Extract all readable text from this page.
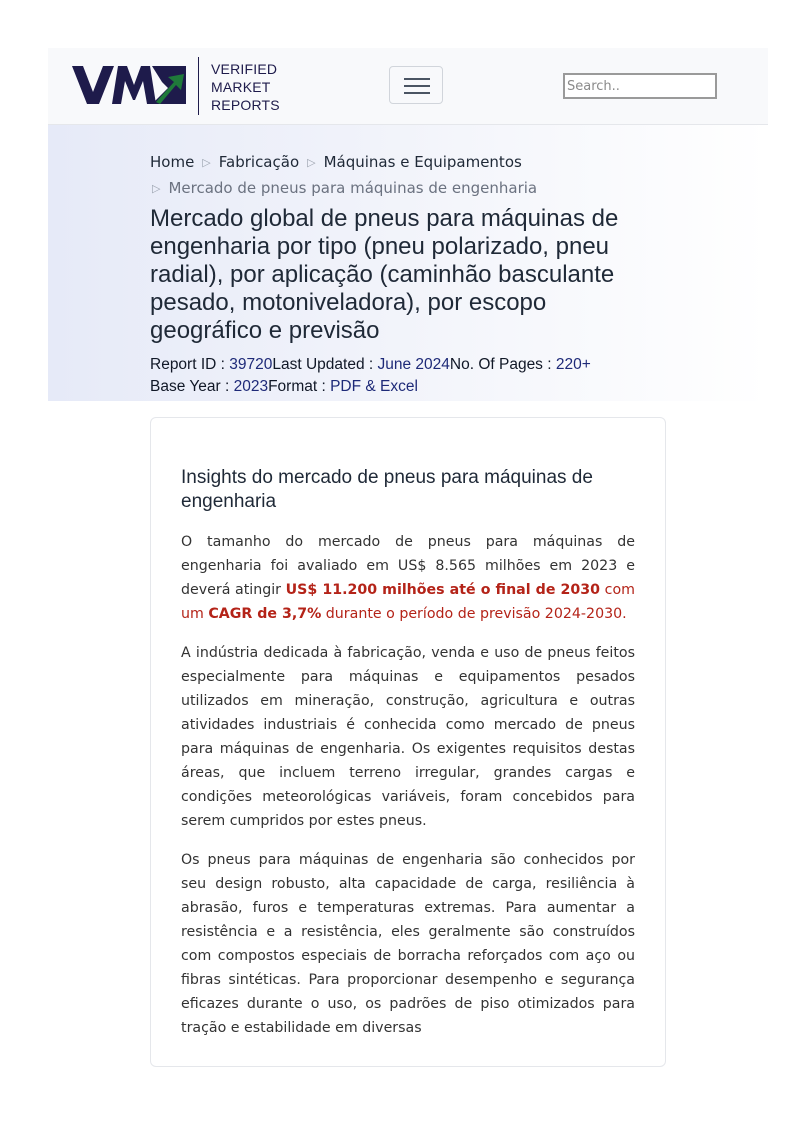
VERIFIED
MARKET
REPORTS
Search..
Home ▷ Fabricação ▷ Máquinas e Equipamentos
▷ Mercado de pneus para máquinas de engenharia
Mercado global de pneus para máquinas de engenharia por tipo (pneu polarizado, pneu radial), por aplicação (caminhão basculante pesado, motoniveladora), por escopo geográfico e previsão
Report ID : 39720Last Updated : June 2024No. Of Pages : 220+
Base Year : 2023Format : PDF & Excel
Insights do mercado de pneus para máquinas de engenharia

O tamanho do mercado de pneus para máquinas de engenharia foi avaliado em US$ 8.565 milhões em 2023 e deverá atingir US$ 11.200 milhões até o final de 2030 com um CAGR de 3,7% durante o período de previsão 2024-2030.

A indústria dedicada à fabricação, venda e uso de pneus feitos especialmente para máquinas e equipamentos pesados utilizados em mineração, construção, agricultura e outras atividades industriais é conhecida como mercado de pneus para máquinas de engenharia. Os exigentes requisitos destas áreas, que incluem terreno irregular, grandes cargas e condições meteorológicas variáveis, foram concebidos para serem cumpridos por estes pneus.

Os pneus para máquinas de engenharia são conhecidos por seu design robusto, alta capacidade de carga, resiliência à abrasão, furos e temperaturas extremas. Para aumentar a resistência e a resistência, eles geralmente são construídos com compostos especiais de borracha reforçados com aço ou fibras sintéticas. Para proporcionar desempenho e segurança eficazes durante o uso, os padrões de piso otimizados para tração e estabilidade em diversas
